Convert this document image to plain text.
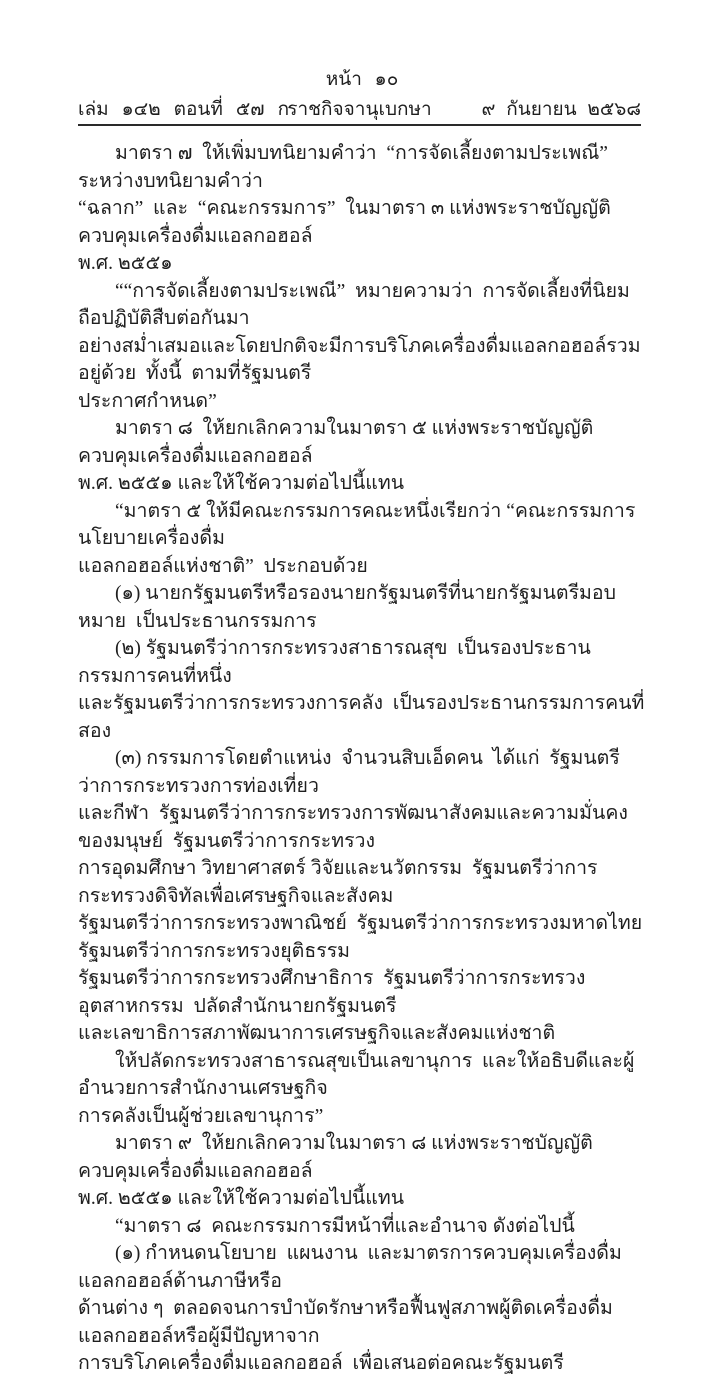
หน้า ๑๐
เล่ม ๑๔๒ ตอนที่ ๕๗ ก
ราชกิจจานุเบกษา	๙ กันยายน ๒๕๖๘
มาตรา ๗  ให้เพิ่มบทนิยามคำว่า  “การจัดเลี้ยงตามประเพณี”  ระหว่างบทนิยามคำว่า
“ฉลาก”  และ  “คณะกรรมการ”  ในมาตรา ๓ แห่งพระราชบัญญัติควบคุมเครื่องดื่มแอลกอฮอล์
พ.ศ. ๒๕๕๑
““การจัดเลี้ยงตามประเพณี”  หมายความว่า  การจัดเลี้ยงที่นิยมถือปฏิบัติสืบต่อกันมา
อย่างสม่ำเสมอและโดยปกติจะมีการบริโภคเครื่องดื่มแอลกอฮอล์รวมอยู่ด้วย  ทั้งนี้  ตามที่รัฐมนตรี
ประกาศกำหนด”
มาตรา ๘  ให้ยกเลิกความในมาตรา ๕ แห่งพระราชบัญญัติควบคุมเครื่องดื่มแอลกอฮอล์
พ.ศ. ๒๕๕๑ และให้ใช้ความต่อไปนี้แทน
“มาตรา ๕ ให้มีคณะกรรมการคณะหนึ่งเรียกว่า “คณะกรรมการนโยบายเครื่องดื่ม
แอลกอฮอล์แห่งชาติ”  ประกอบด้วย
(๑) นายกรัฐมนตรีหรือรองนายกรัฐมนตรีที่นายกรัฐมนตรีมอบหมาย  เป็นประธานกรรมการ
(๒) รัฐมนตรีว่าการกระทรวงสาธารณสุข  เป็นรองประธานกรรมการคนที่หนึ่ง
และรัฐมนตรีว่าการกระทรวงการคลัง  เป็นรองประธานกรรมการคนที่สอง
(๓) กรรมการโดยตำแหน่ง  จำนวนสิบเอ็ดคน  ได้แก่  รัฐมนตรีว่าการกระทรวงการท่องเที่ยว
และกีฬา  รัฐมนตรีว่าการกระทรวงการพัฒนาสังคมและความมั่นคงของมนุษย์  รัฐมนตรีว่าการกระทรวง
การอุดมศึกษา วิทยาศาสตร์ วิจัยและนวัตกรรม  รัฐมนตรีว่าการกระทรวงดิจิทัลเพื่อเศรษฐกิจและสังคม
รัฐมนตรีว่าการกระทรวงพาณิชย์  รัฐมนตรีว่าการกระทรวงมหาดไทย  รัฐมนตรีว่าการกระทรวงยุติธรรม
รัฐมนตรีว่าการกระทรวงศึกษาธิการ  รัฐมนตรีว่าการกระทรวงอุตสาหกรรม  ปลัดสำนักนายกรัฐมนตรี
และเลขาธิการสภาพัฒนาการเศรษฐกิจและสังคมแห่งชาติ
ให้ปลัดกระทรวงสาธารณสุขเป็นเลขานุการ  และให้อธิบดีและผู้อำนวยการสำนักงานเศรษฐกิจ
การคลังเป็นผู้ช่วยเลขานุการ”
มาตรา ๙  ให้ยกเลิกความในมาตรา ๘ แห่งพระราชบัญญัติควบคุมเครื่องดื่มแอลกอฮอล์
พ.ศ. ๒๕๕๑ และให้ใช้ความต่อไปนี้แทน
“มาตรา ๘  คณะกรรมการมีหน้าที่และอำนาจ ดังต่อไปนี้
(๑) กำหนดนโยบาย  แผนงาน  และมาตรการควบคุมเครื่องดื่มแอลกอฮอล์ด้านภาษีหรือ
ด้านต่าง ๆ  ตลอดจนการบำบัดรักษาหรือฟื้นฟูสภาพผู้ติดเครื่องดื่มแอลกอฮอล์หรือผู้มีปัญหาจาก
การบริโภคเครื่องดื่มแอลกอฮอล์  เพื่อเสนอต่อคณะรัฐมนตรี
